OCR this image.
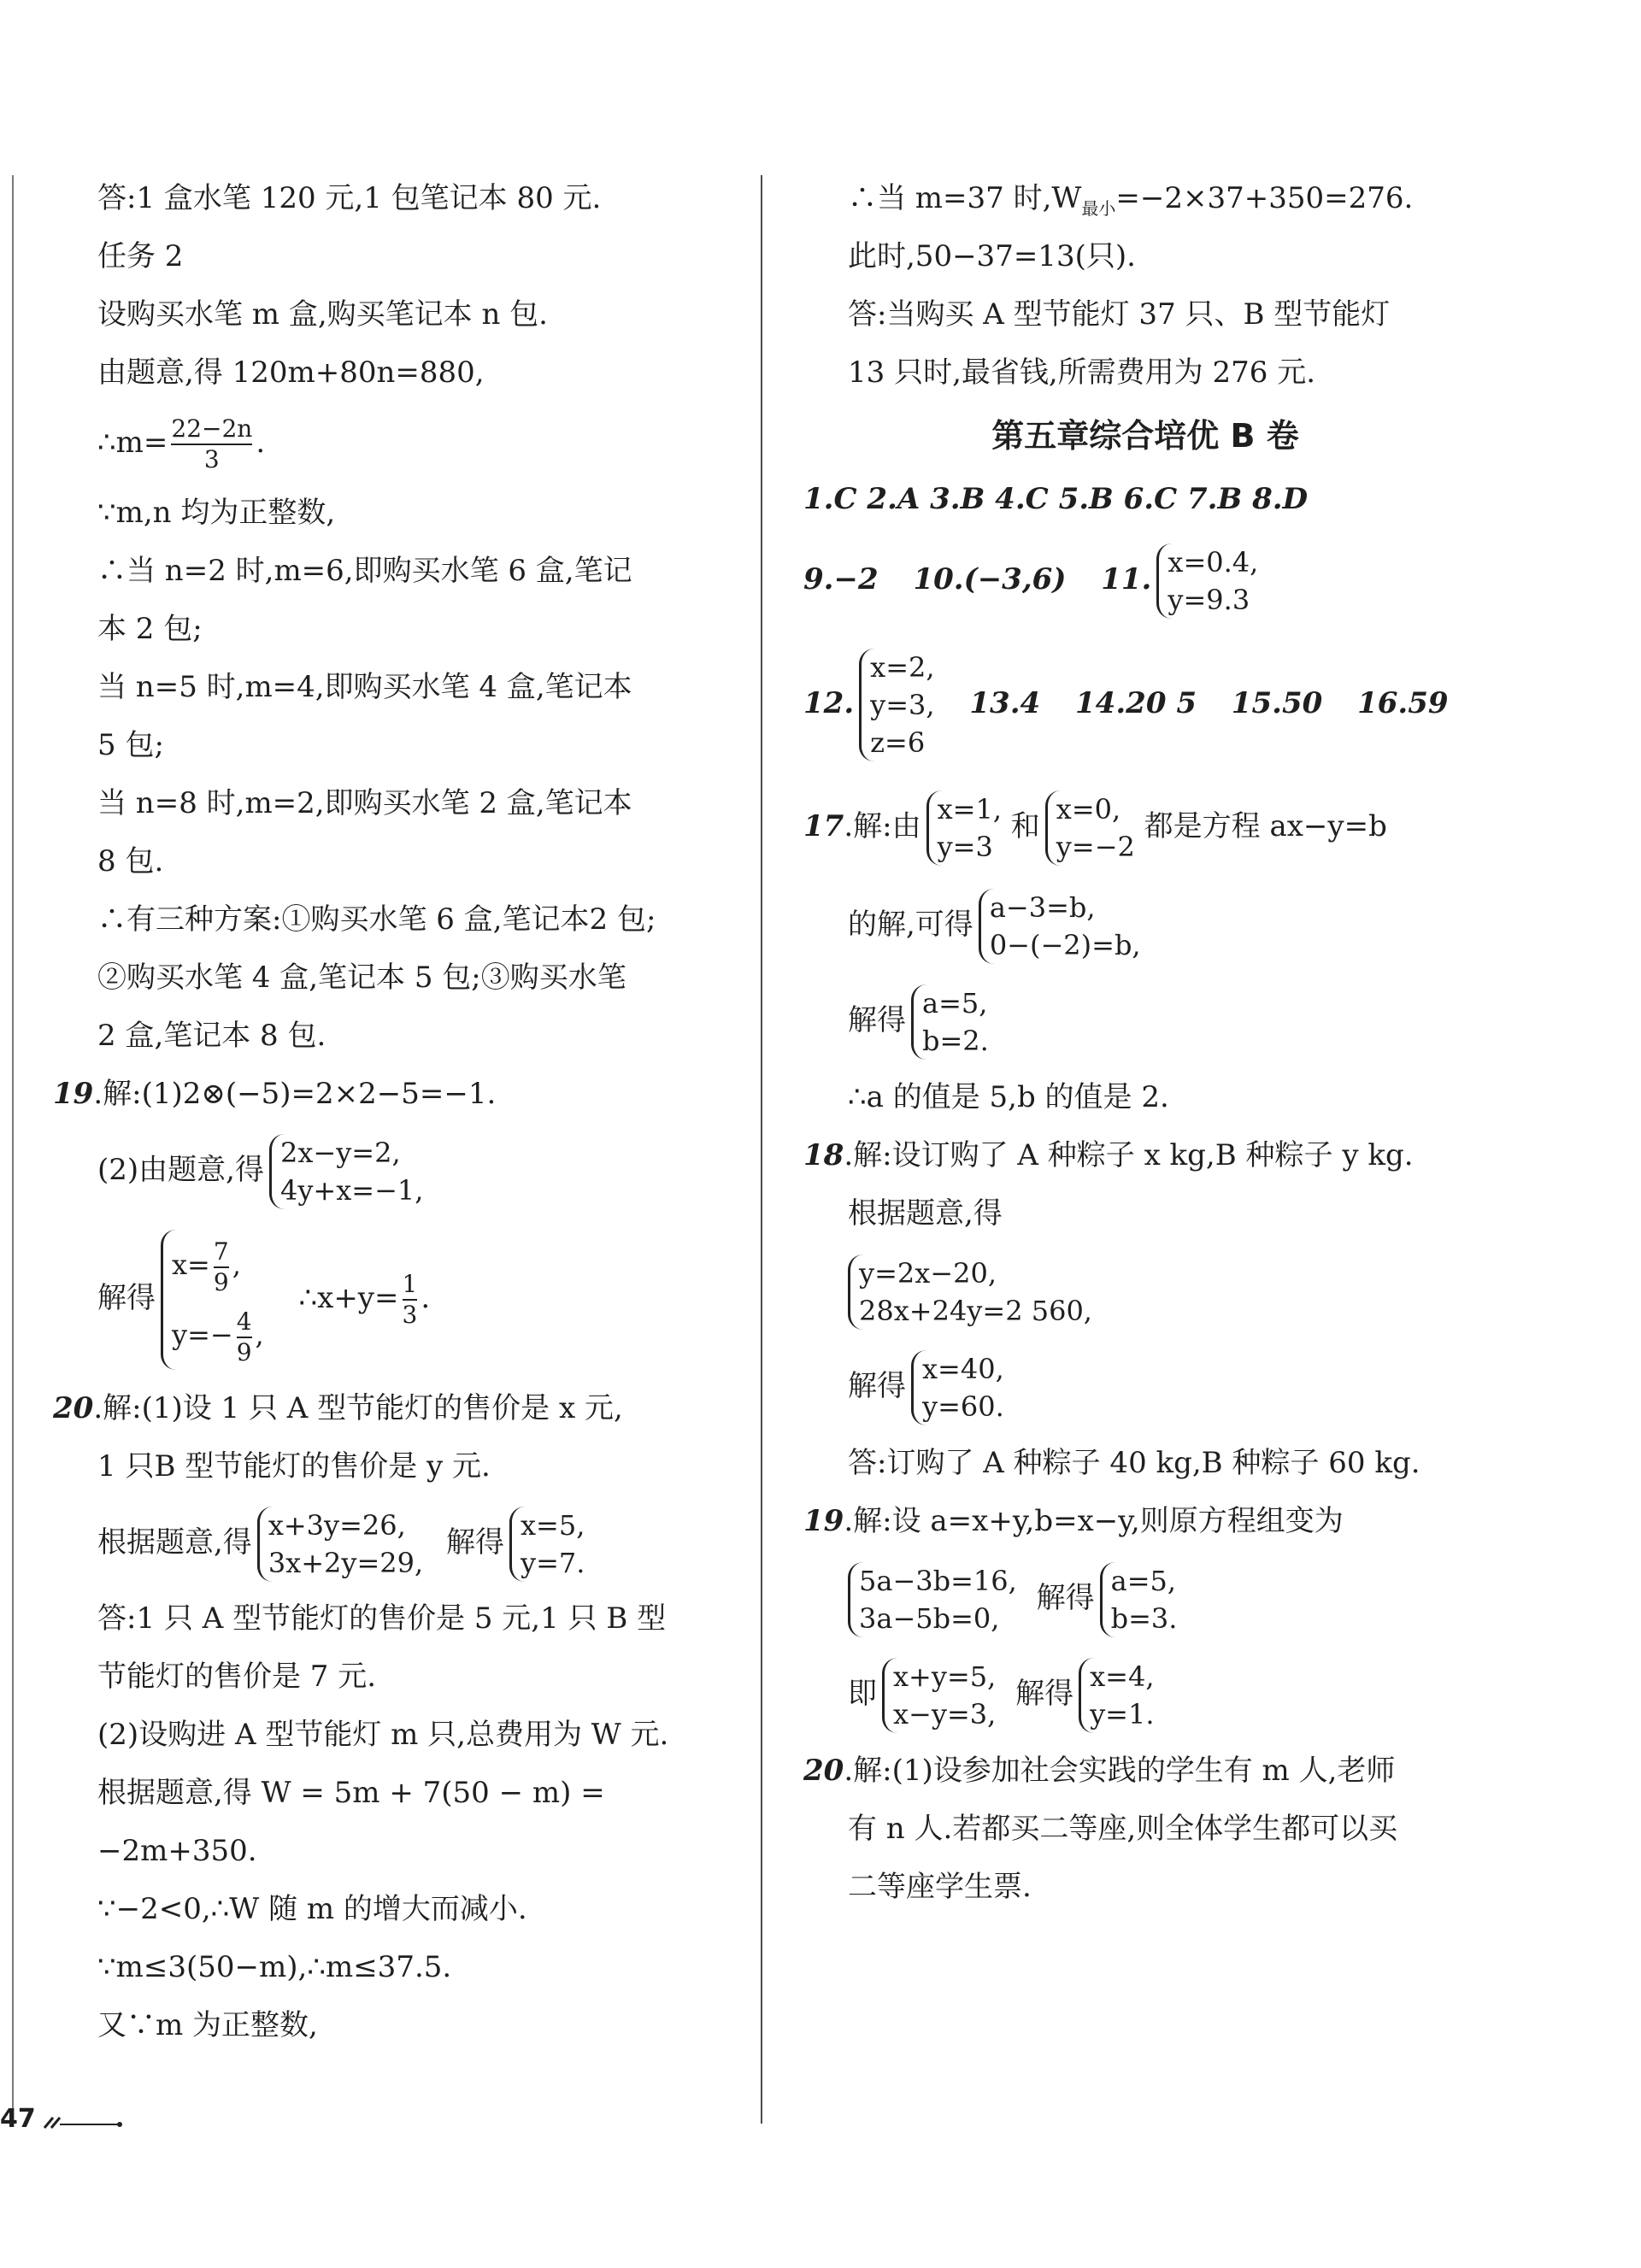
答:1 盒水笔 120 元,1 包笔记本 80 元.
任务 2
设购买水笔 m 盒,购买笔记本 n 包.
由题意,得 120m+80n=880,
∴m= $\frac{22-2n}{3}$ .
∵m,n 均为正整数,
∴当 n=2 时,m=6,即购买水笔 6 盒,笔记
本 2 包;
当 n=5 时,m=4,即购买水笔 4 盒,笔记本
5 包;
当 n=8 时,m=2,即购买水笔 2 盒,笔记本
8 包.
∴有三种方案:①购买水笔 6 盒,笔记本2 包;
②购买水笔 4 盒,笔记本 5 包;③购买水笔
2 盒,笔记本 8 包.
19.解:(1)2⊗(−5)=2×2−5=−1.
(2)由题意,得 2x−y=2,
4y+x=−1,
解得
$x= \frac{7}{9}$ ,
$y=- \frac{4}{9}$ ,
∴x+y= $\frac{1}{3}$ .
20.解:(1)设 1 只 A 型节能灯的售价是 x 元,
1 只B 型节能灯的售价是 y 元.
根据题意,得 x+3y=26,
3x+2y=29,
解得 x=5,
y=7.
答:1 只 A 型节能灯的售价是 5 元,1 只 B 型
节能灯的售价是 7 元.
(2)设购进 A 型节能灯 m 只,总费用为 W 元.
根据题意,得 W = 5m + 7(50 − m) =
−2m+350.
∵−2<0,∴W 随 m 的增大而减小.
∵m≤3(50−m),∴m≤37.5.
又∵m 为正整数,
∴当 m=37 时$,W_{最小}=-2\times 37+350=276$.
此时,50−37=13(只).
答:当购买 A 型节能灯 37 只、B 型节能灯
13 只时,最省钱,所需费用为 276 元.
第五章综合培优 B 卷
1.C 2.A 3.B 4.C 5.B 6.C 7.B 8.D
9.−2 10.(−3,6) 11. x=0.4,
y=9.3
12.
x=2,
y=3,
z=6
13.4 14.20 5 15.50 16.59
17.解:由 x=1,
y=3
和 x=0,
y=−2
都是方程 ax−y=b
的解,可得 a−3=b,
0−(−2)=b,
解得 a=5,
b=2.
∴a 的值是 5,b 的值是 2.
18.解:设订购了 A 种粽子 x kg,B 种粽子 y kg.
根据题意,得
y=2x−20,
28x+24y=2 560,
解得 x=40,
y=60.
答:订购了 A 种粽子 40 kg,B 种粽子 60 kg.
19.解:设 a=x+y,b=x−y,则原方程组变为
5a−3b=16,
3a−5b=0,
解得 a=5,
b=3.
即 x+y=5,
x−y=3,
解得 x=4,
y=1.
20.解:(1)设参加社会实践的学生有 m 人,老师
有 n 人.若都买二等座,则全体学生都可以买
二等座学生票.
47
